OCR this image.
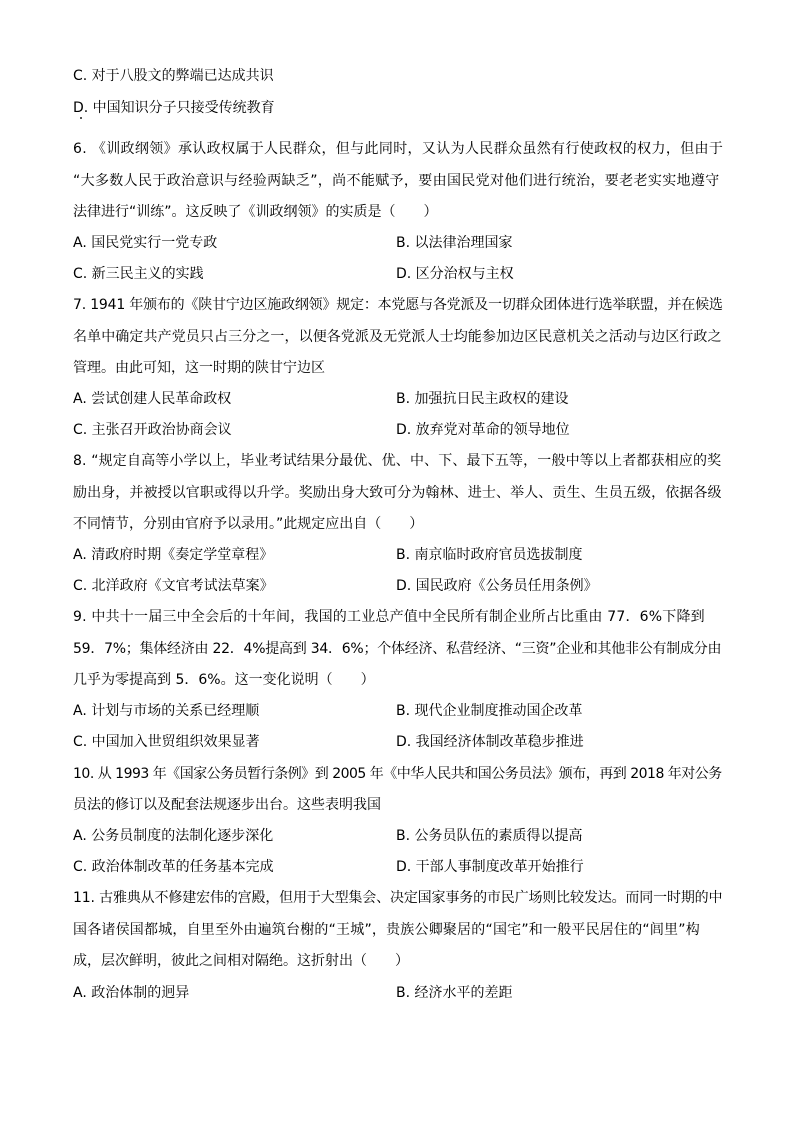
C. 对于八股文的弊端已达成共识
D. 中国知识分子只接受传统教育
6. 《训政纲领》承认政权属于人民群众，但与此同时，又认为人民群众虽然有行使政权的权力，但由于
“大多数人民于政治意识与经验两缺乏”，尚不能赋予，要由国民党对他们进行统治，要老老实实地遵守
法律进行“训练”。这反映了《训政纲领》的实质是（　　）
A. 国民党实行一党专政	B. 以法律治理国家
C. 新三民主义的实践	D. 区分治权与主权
7. 1941 年颁布的《陕甘宁边区施政纲领》规定：本党愿与各党派及一切群众团体进行选举联盟，并在候选
名单中确定共产党员只占三分之一，以便各党派及无党派人士均能参加边区民意机关之活动与边区行政之
管理。由此可知，这一时期的陕甘宁边区
A. 尝试创建人民革命政权	B. 加强抗日民主政权的建设
C. 主张召开政治协商会议	D. 放弃党对革命的领导地位
8. “规定自高等小学以上，毕业考试结果分最优、优、中、下、最下五等，一般中等以上者都获相应的奖
励出身，并被授以官职或得以升学。奖励出身大致可分为翰林、进士、举人、贡生、生员五级，依据各级
不同情节，分别由官府予以录用。”此规定应出自（　　）
A. 清政府时期《奏定学堂章程》	B. 南京临时政府官员选拔制度
C. 北洋政府《文官考试法草案》	D. 国民政府《公务员任用条例》
9. 中共十一届三中全会后的十年间，我国的工业总产值中全民所有制企业所占比重由 77．6%下降到
59．7%；集体经济由 22．4%提高到 34．6%；个体经济、私营经济、“三资”企业和其他非公有制成分由
几乎为零提高到 5．6%。这一变化说明（　　）
A. 计划与市场的关系已经理顺	B. 现代企业制度推动国企改革
C. 中国加入世贸组织效果显著	D. 我国经济体制改革稳步推进
10. 从 1993 年《国家公务员暂行条例》到 2005 年《中华人民共和国公务员法》颁布，再到 2018 年对公务
员法的修订以及配套法规逐步出台。这些表明我国
A. 公务员制度的法制化逐步深化	B. 公务员队伍的素质得以提高
C. 政治体制改革的任务基本完成	D. 干部人事制度改革开始推行
11. 古雅典从不修建宏伟的宫殿，但用于大型集会、决定国家事务的市民广场则比较发达。而同一时期的中
国各诸侯国都城，自里至外由遍筑台榭的“王城”，贵族公卿聚居的“国宅”和一般平民居住的“闾里”构
成，层次鲜明，彼此之间相对隔绝。这折射出（　　）
A. 政治体制的迥异	B. 经济水平的差距
